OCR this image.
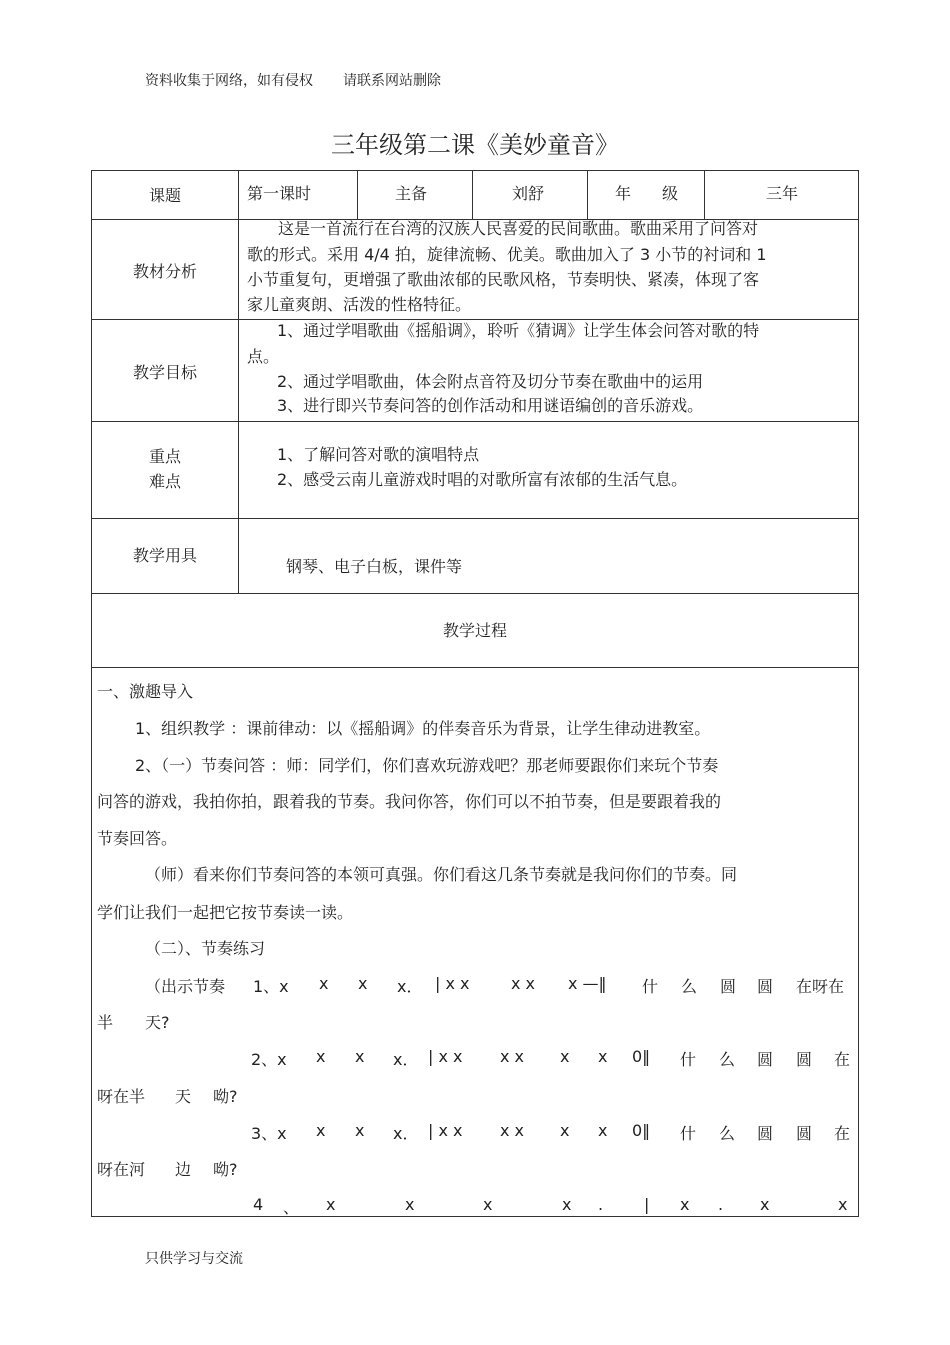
资料收集于网络，如有侵权 请联系网站删除
三年级第二课《美妙童音》
课题	第一课时	主备	刘舒	年 级	三年
教材分析
这是一首流行在台湾的汉族人民喜爱的民间歌曲。歌曲采用了问答对
歌的形式。采用 4/4 拍，旋律流畅、优美。歌曲加入了 3 小节的衬词和 1
小节重复句，更增强了歌曲浓郁的民歌风格，节奏明快、紧凑，体现了客
家儿童爽朗、活泼的性格特征。
教学目标
1、通过学唱歌曲《摇船调》，聆听《猜调》让学生体会问答对歌的特
点。
2、通过学唱歌曲，体会附点音符及切分节奏在歌曲中的运用
3、进行即兴节奏问答的创作活动和用谜语编创的音乐游戏。
重点
难点
1、了解问答对歌的演唱特点
2、感受云南儿童游戏时唱的对歌所富有浓郁的生活气息。
教学用具
钢琴、电子白板，课件等
教学过程
一、激趣导入
1、组织教学 ：课前律动：以《摇船调》的伴奏音乐为背景，让学生律动进教室。
2、（一）节奏问答 ：师：同学们，你们喜欢玩游戏吧？那老师要跟你们来玩个节奏
问答的游戏，我拍你拍，跟着我的节奏。我问你答，你们可以不拍节奏，但是要跟着我的
节奏回答。
（师）看来你们节奏问答的本领可真强。你们看这几条节奏就是我问你们的节奏。同
学们让我们一起把它按节奏读一读。
（二）、节奏练习
（出示节奏 1、x x x x． | x x	x x x —‖ 什 么 圆 圆 在呀在
半 天?
2、x x x x． | x x x x x x 0‖ 什 么 圆 圆 在
呀在半 天 呦?
3、x x x x． | x x x x x x 0‖ 什 么 圆 圆 在
呀在河 边 呦?
4 、 x	x	x	x .	| x . x	x
只供学习与交流
